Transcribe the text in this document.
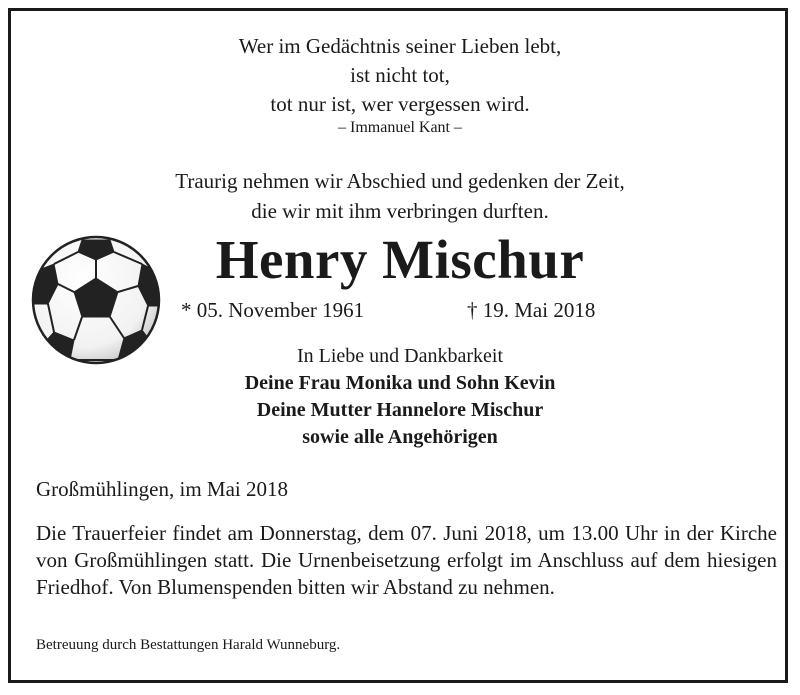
Wer im Gedächtnis seiner Lieben lebt,
ist nicht tot,
tot nur ist, wer vergessen wird.
– Immanuel Kant –
Traurig nehmen wir Abschied und gedenken der Zeit,
die wir mit ihm verbringen durften.
Henry Mischur
* 05. November 1961	† 19. Mai 2018
In Liebe und Dankbarkeit
Deine Frau Monika und Sohn Kevin
Deine Mutter Hannelore Mischur
sowie alle Angehörigen
Großmühlingen, im Mai 2018
Die Trauerfeier findet am Donnerstag, dem 07. Juni 2018, um 13.00 Uhr in der Kirche von Großmühlingen statt. Die Urnenbeisetzung erfolgt im Anschluss auf dem hiesigen Friedhof. Von Blumenspenden bitten wir Abstand zu nehmen.
Betreuung durch Bestattungen Harald Wunneburg.
